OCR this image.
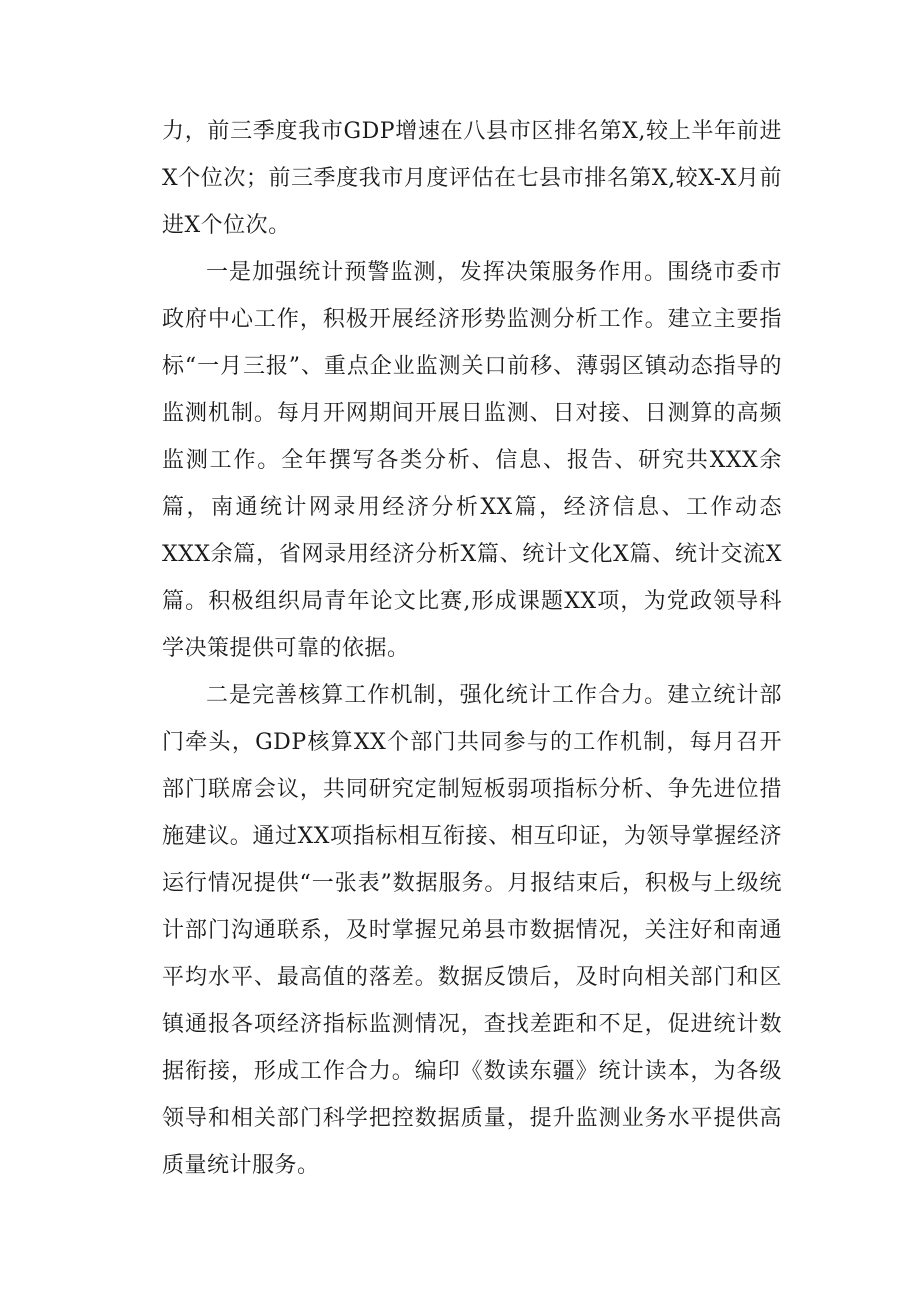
力，前三季度我市GDP增速在八县市区排名第X,较上半年前进X个位次；前三季度我市月度评估在七县市排名第X,较X-X月前进X个位次。

一是加强统计预警监测，发挥决策服务作用。围绕市委市政府中心工作，积极开展经济形势监测分析工作。建立主要指标“一月三报”、重点企业监测关口前移、薄弱区镇动态指导的监测机制。每月开网期间开展日监测、日对接、日测算的高频监测工作。全年撰写各类分析、信息、报告、研究共XXX余篇，南通统计网录用经济分析XX篇，经济信息、工作动态XXX余篇，省网录用经济分析X篇、统计文化X篇、统计交流X篇。积极组织局青年论文比赛,形成课题XX项，为党政领导科学决策提供可靠的依据。

二是完善核算工作机制，强化统计工作合力。建立统计部门牵头，GDP核算XX个部门共同参与的工作机制，每月召开部门联席会议，共同研究定制短板弱项指标分析、争先进位措施建议。通过XX项指标相互衔接、相互印证，为领导掌握经济运行情况提供“一张表”数据服务。月报结束后，积极与上级统计部门沟通联系，及时掌握兄弟县市数据情况，关注好和南通平均水平、最高值的落差。数据反馈后，及时向相关部门和区镇通报各项经济指标监测情况，查找差距和不足，促进统计数据衔接，形成工作合力。编印《数读东疆》统计读本，为各级领导和相关部门科学把控数据质量，提升监测业务水平提供高质量统计服务。
